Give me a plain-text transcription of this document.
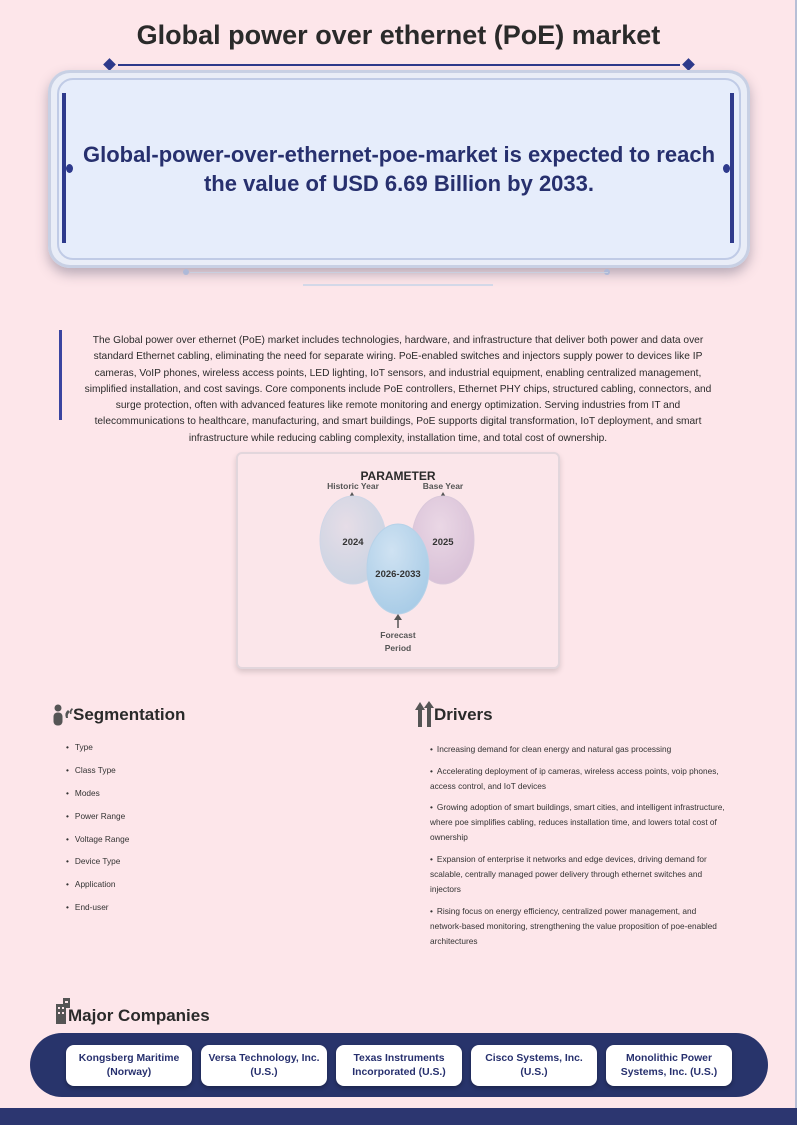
Global power over ethernet (PoE) market
Global-power-over-ethernet-poe-market is expected to reach the value of USD 6.69 Billion by 2033.

The Global power over ethernet (PoE) market includes technologies, hardware, and infrastructure that deliver both power and data over standard Ethernet cabling, eliminating the need for separate wiring. PoE-enabled switches and injectors supply power to devices like IP cameras, VoIP phones, wireless access points, LED lighting, IoT sensors, and industrial equipment, enabling centralized management, simplified installation, and cost savings. Core components include PoE controllers, Ethernet PHY chips, structured cabling, connectors, and surge protection, often with advanced features like remote monitoring and energy optimization. Serving industries from IT and telecommunications to healthcare, manufacturing, and smart buildings, PoE supports digital transformation, IoT deployment, and smart infrastructure while reducing cabling complexity, installation time, and total cost of ownership.

PARAMETER
Historic Year	Base Year
2024	2025
2026-2033
Forecast
Period
Segmentation
• Type
• Class Type
• Modes
• Power Range
• Voltage Range
• Device Type
• Application
• End-user
Drivers
• Increasing demand for clean energy and natural gas processing
• Accelerating deployment of ip cameras, wireless access points, voip phones, access control, and IoT devices
• Growing adoption of smart buildings, smart cities, and intelligent infrastructure, where poe simplifies cabling, reduces installation time, and lowers total cost of ownership
• Expansion of enterprise it networks and edge devices, driving demand for scalable, centrally managed power delivery through ethernet switches and injectors
• Rising focus on energy efficiency, centralized power management, and network-based monitoring, strengthening the value proposition of poe-enabled architectures
Major Companies
Kongsberg Maritime (Norway)
Versa Technology, Inc. (U.S.)
Texas Instruments Incorporated (U.S.)
Cisco Systems, Inc. (U.S.)
Monolithic Power Systems, Inc. (U.S.)
